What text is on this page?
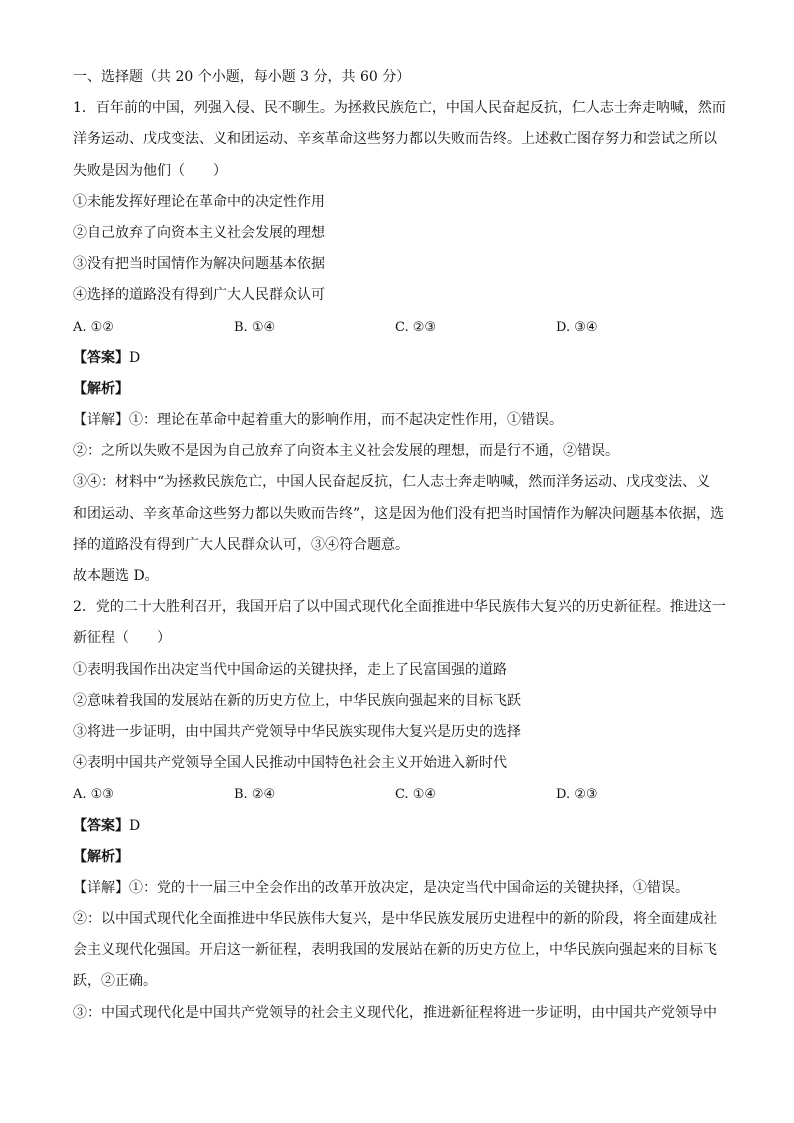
一、选择题（共 20 个小题，每小题 3 分，共 60 分）
1．百年前的中国，列强入侵、民不聊生。为拯救民族危亡，中国人民奋起反抗，仁人志士奔走呐喊，然而
洋务运动、戊戌变法、义和团运动、辛亥革命这些努力都以失败而告终。上述救亡图存努力和尝试之所以
失败是因为他们（　　）
①未能发挥好理论在革命中的决定性作用
②自己放弃了向资本主义社会发展的理想
③没有把当时国情作为解决问题基本依据
④选择的道路没有得到广大人民群众认可
A. ①②	B. ①④	C. ②③	D. ③④
【答案】D
【解析】
【详解】①：理论在革命中起着重大的影响作用，而不起决定性作用，①错误。
②：之所以失败不是因为自己放弃了向资本主义社会发展的理想，而是行不通，②错误。
③④：材料中“为拯救民族危亡，中国人民奋起反抗，仁人志士奔走呐喊，然而洋务运动、戊戌变法、义
和团运动、辛亥革命这些努力都以失败而告终”，这是因为他们没有把当时国情作为解决问题基本依据，选
择的道路没有得到广大人民群众认可，③④符合题意。
故本题选 D。
2．党的二十大胜利召开，我国开启了以中国式现代化全面推进中华民族伟大复兴的历史新征程。推进这一
新征程（　　）
①表明我国作出决定当代中国命运的关键抉择，走上了民富国强的道路
②意味着我国的发展站在新的历史方位上，中华民族向强起来的目标飞跃
③将进一步证明，由中国共产党领导中华民族实现伟大复兴是历史的选择
④表明中国共产党领导全国人民推动中国特色社会主义开始进入新时代
A. ①③	B. ②④	C. ①④	D. ②③
【答案】D
【解析】
【详解】①：党的十一届三中全会作出的改革开放决定，是决定当代中国命运的关键抉择，①错误。
②：以中国式现代化全面推进中华民族伟大复兴，是中华民族发展历史进程中的新的阶段，将全面建成社
会主义现代化强国。开启这一新征程，表明我国的发展站在新的历史方位上，中华民族向强起来的目标飞
跃，②正确。
③：中国式现代化是中国共产党领导的社会主义现代化，推进新征程将进一步证明，由中国共产党领导中
